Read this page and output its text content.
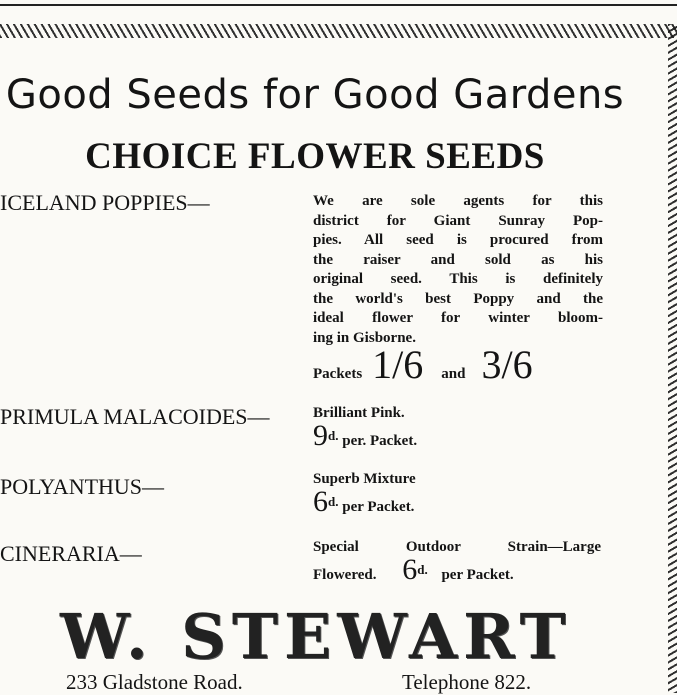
Good Seeds for Good Gardens
CHOICE FLOWER SEEDS
ICELAND POPPIES—	We are sole agents for this
district for Giant Sunray Pop-
pies. All seed is procured from
the raiser and sold as his
original seed. This is definitely
the world's best Poppy and the
ideal flower for winter bloom-
ing in Gisborne.
Packets 1/6 and 3/6
PRIMULA MALACOIDES—	Brilliant Pink.
9d. per. Packet.
POLYANTHUS—	Superb Mixture
6d. per Packet.
CINERARIA—	Special Outdoor Strain—Large
Flowered. 6d. per Packet.
W. STEWART
233 Gladstone Road.	Telephone 822.
